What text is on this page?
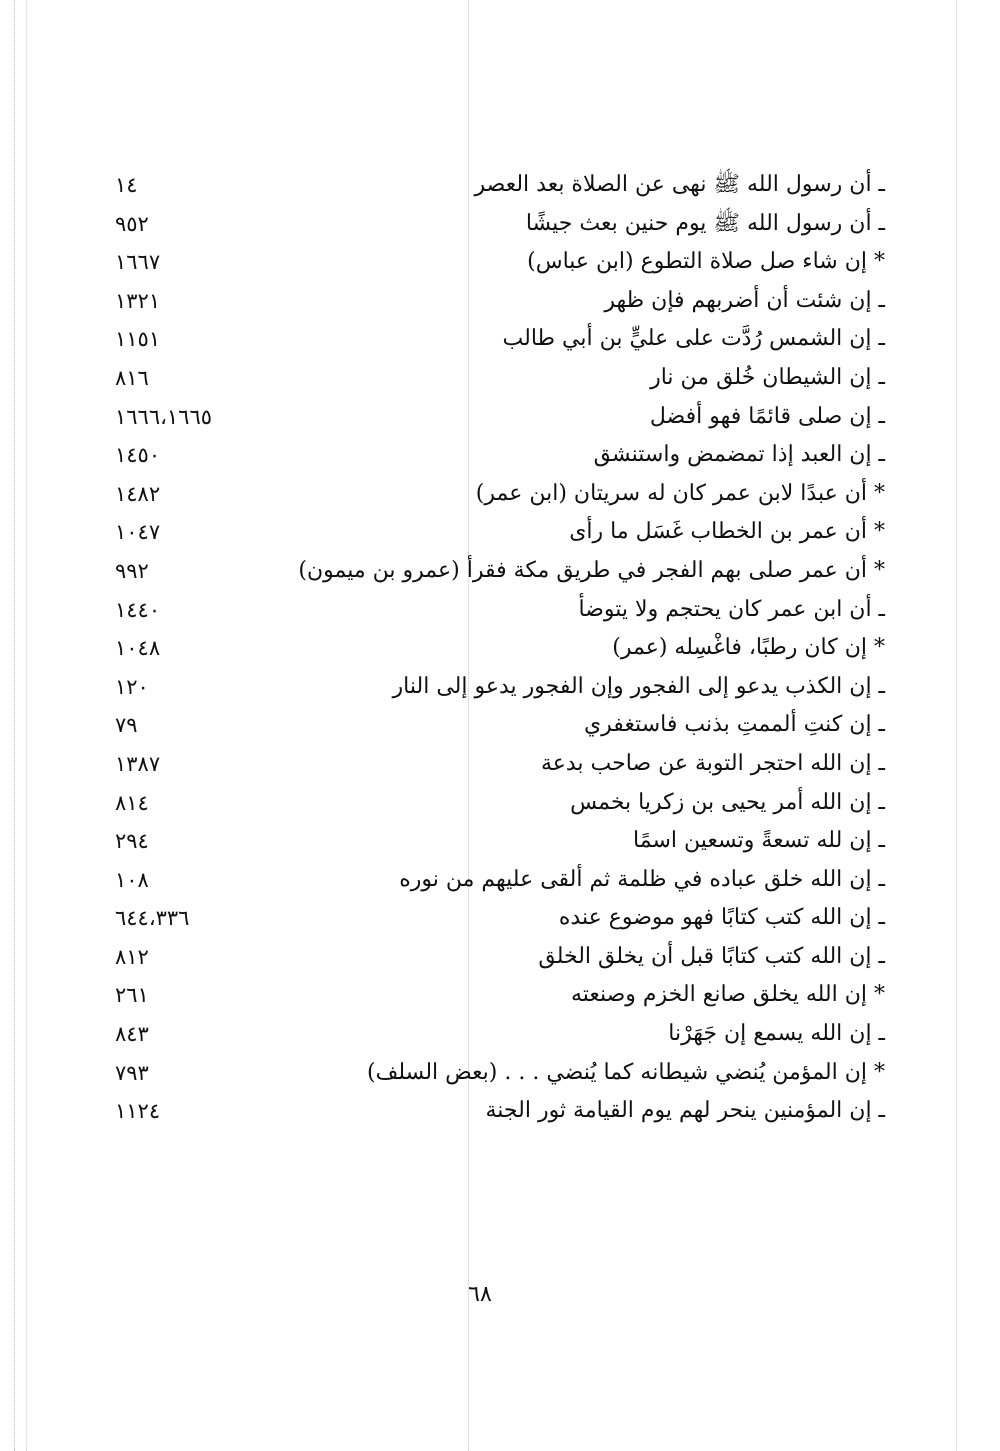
ـ أن رسول الله ﷺ نهى عن الصلاة بعد العصر
١٤
ـ أن رسول الله ﷺ يوم حنين بعث جيشًا
٩٥٢
* إن شاء صل صلاة التطوع (ابن عباس)
١٦٦٧
ـ إن شئت أن أضربهم فإن ظهر
١٣٢١
ـ إن الشمس رُدَّت على عليٍّ بن أبي طالب
١١٥١
ـ إن الشيطان خُلق من نار
٨١٦
ـ إن صلى قائمًا فهو أفضل
١٦٦٦،١٦٦٥
ـ إن العبد إذا تمضمض واستنشق
١٤٥٠
* أن عبدًا لابن عمر كان له سريتان (ابن عمر)
١٤٨٢
* أن عمر بن الخطاب غَسَل ما رأى
١٠٤٧
* أن عمر صلى بهم الفجر في طريق مكة فقرأ (عمرو بن ميمون)
٩٩٢
ـ أن ابن عمر كان يحتجم ولا يتوضأ
١٤٤٠
* إن كان رطبًا، فاغْسِله (عمر)
١٠٤٨
ـ إن الكذب يدعو إلى الفجور وإن الفجور يدعو إلى النار
١٢٠
ـ إن كنتِ ألممتِ بذنب فاستغفري
٧٩
ـ إن الله احتجر التوبة عن صاحب بدعة
١٣٨٧
ـ إن الله أمر يحيى بن زكريا بخمس
٨١٤
ـ إن لله تسعةً وتسعين اسمًا
٢٩٤
ـ إن الله خلق عباده في ظلمة ثم ألقى عليهم من نوره
١٠٨
ـ إن الله كتب كتابًا فهو موضوع عنده
٦٤٤،٣٣٦
ـ إن الله كتب كتابًا قبل أن يخلق الخلق
٨١٢
* إن الله يخلق صانع الخزم وصنعته
٢٦١
ـ إن الله يسمع إن جَهَرْنا
٨٤٣
* إن المؤمن يُنضي شيطانه كما يُنضي . . . (بعض السلف)
٧٩٣
ـ إن المؤمنين ينحر لهم يوم القيامة ثور الجنة
١١٢٤
٦٨
